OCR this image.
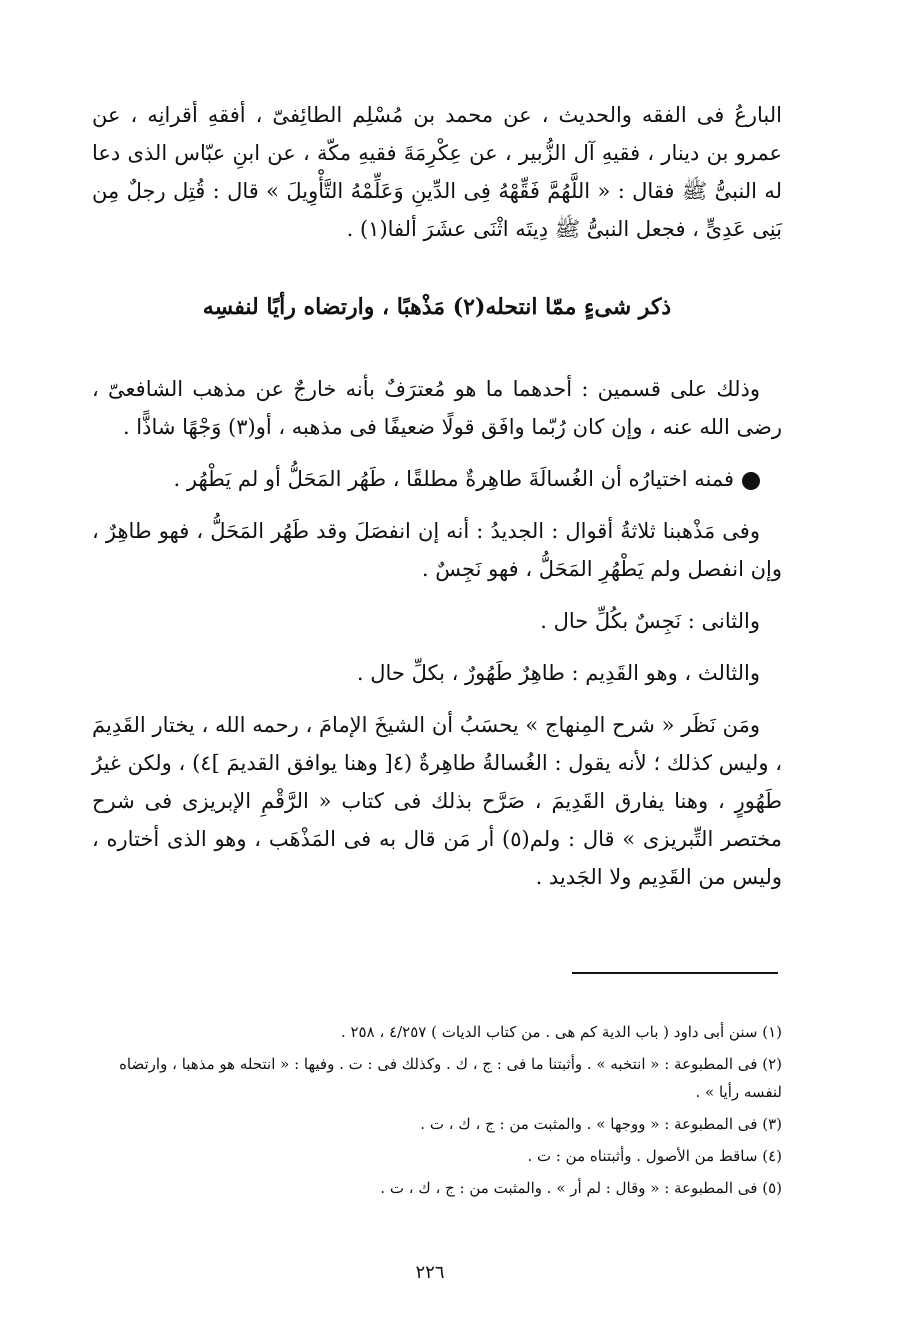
البارعُ فى الفقه والحديث ، عن محمد بن مُسْلِم الطائِفىّ ، أفقهِ أقرانِه ، عن عمرو بن دينار ، فقيهِ آل الزُّبير ، عن عِكْرِمَةَ فقيهِ مكّة ، عن ابنِ عبّاس الذى دعا له النبىُّ ﷺ فقال : « اللَّهُمَّ فَقِّهْهُ فِى الدِّينِ وَعَلِّمْهُ التَّأْوِيلَ » قال : قُتِل رجلٌ مِن بَنِى عَدِىٍّ ، فجعل النبىُّ ﷺ دِيتَه اثْنَى عشَرَ ألفا(١) .

ذكر شىءٍ ممّا انتحله(٢) مَذْهبًا ، وارتضاه رأيًا لنفسِه

وذلك على قسمين : أحدهما ما هو مُعترَفٌ بأنه خارجٌ عن مذهب الشافعىّ ، رضى الله عنه ، وإن كان رُبّما وافَق قولًا ضعيفًا فى مذهبه ، أو(٣) وَجْهًا شاذًّا .

فمنه اختيارُه أن الغُسالَةَ طاهِرةٌ مطلقًا ، طَهُر المَحَلُّ أو لم يَطْهُر .

وفى مَذْهبنا ثلاثةُ أقوال : الجديدُ : أنه إن انفصَلَ وقد طَهُر المَحَلُّ ، فهو طاهِرٌ ، وإن انفصل ولم يَطْهُرِ المَحَلُّ ، فهو نَجِسٌ .

والثانى : نَجِسٌ بكُلِّ حال .

والثالث ، وهو القَدِيم : طاهِرٌ طَهُورٌ ، بكلِّ حال .

ومَن نَظَر « شرح المِنهاج » يحسَبُ أن الشيخَ الإمامَ ، رحمه الله ، يختار القَدِيمَ ، وليس كذلك ؛ لأنه يقول : الغُسالةُ طاهِرةٌ (٤[ وهنا يوافق القديمَ ]٤) ، ولكن غيرُ طَهُورٍ ، وهنا يفارق القَدِيمَ ، صَرَّح بذلك فى كتاب « الرَّقْمِ الإبريزى فى شرح مختصر التِّبريزى » قال : ولم(٥) أر مَن قال به فى المَذْهَب ، وهو الذى أختاره ، وليس من القَدِيم ولا الجَديد .

(١) سنن أبى داود ( باب الدية كم هى . من كتاب الديات ) ٤/٢٥٧ ، ٢٥٨ .

(٢) فى المطبوعة : « انتخبه » . وأثبتنا ما فى : ج ، ك . وكذلك فى : ت . وفيها : « انتحله هو مذهبا ، وارتضاه لنفسه رأيا » .

(٣) فى المطبوعة : « ووجها » . والمثبت من : ج ، ك ، ت .

(٤) ساقط من الأصول . وأثبتناه من : ت .

(٥) فى المطبوعة : « وقال : لم أر » . والمثبت من : ج ، ك ، ت .

٢٢٦
